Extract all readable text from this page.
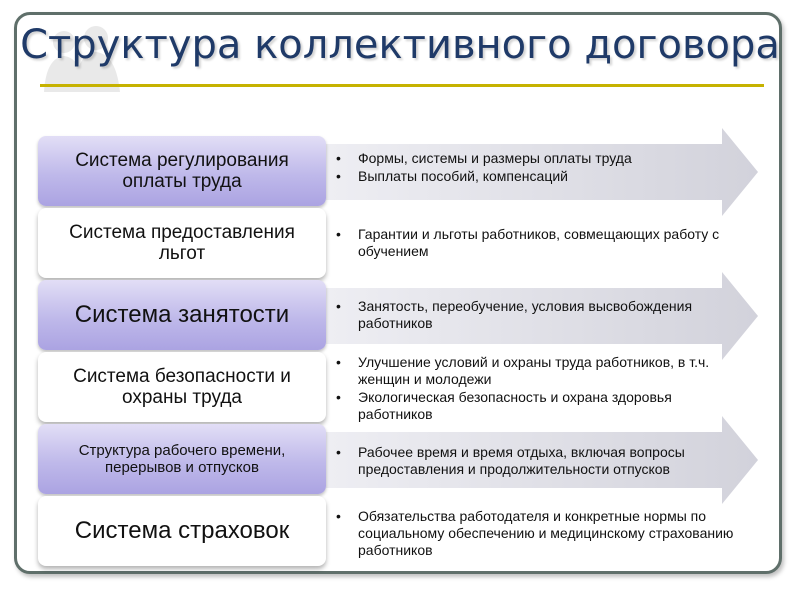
Структура коллективного договора
Система регулирования оплаты труда
•	Формы, системы и размеры оплаты труда
•	Выплаты пособий, компенсаций
Система предоставления льгот
•	Гарантии и льготы работников, совмещающих работу с обучением
Система занятости	•	Занятость, переобучение, условия высвобождения работников
Система безопасности и охраны труда
•	Улучшение условий и охраны труда работников, в т.ч. женщин и молодежи
•	Экологическая безопасность и охрана здоровья работников
Структура рабочего времени, перерывов и отпусков
•	Рабочее время и время отдыха, включая вопросы предоставления и продолжительности отпусков
Система страховок
•	Обязательства работодателя и конкретные нормы по социальному обеспечению и медицинскому страхованию работников
